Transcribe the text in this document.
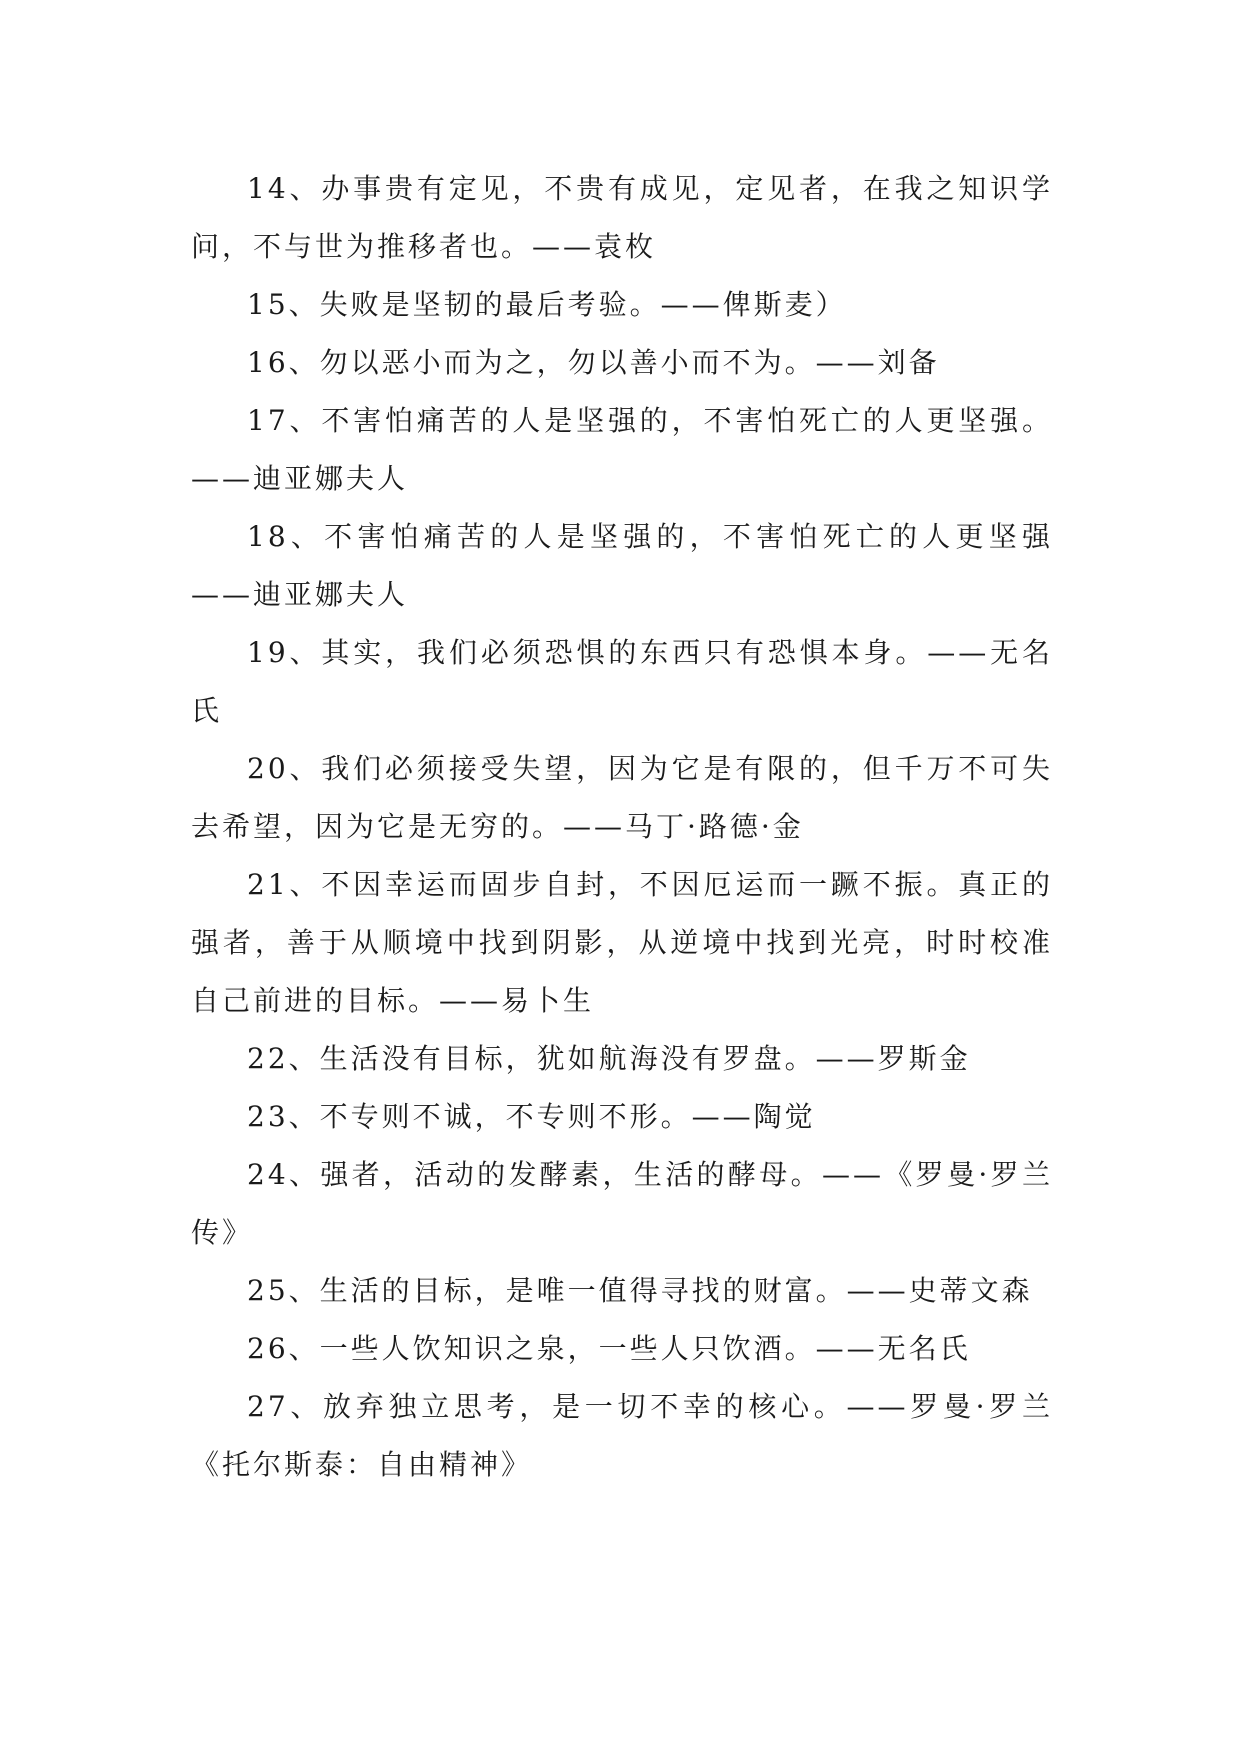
14、办事贵有定见，不贵有成见，定见者，在我之知识学问，不与世为推移者也。——袁枚

15、失败是坚韧的最后考验。——俾斯麦）

16、勿以恶小而为之，勿以善小而不为。——刘备

17、不害怕痛苦的人是坚强的，不害怕死亡的人更坚强。——迪亚娜夫人

18、不害怕痛苦的人是坚强的，不害怕死亡的人更坚强——迪亚娜夫人

19、其实，我们必须恐惧的东西只有恐惧本身。——无名氏

20、我们必须接受失望，因为它是有限的，但千万不可失去希望，因为它是无穷的。——马丁·路德·金

21、不因幸运而固步自封，不因厄运而一蹶不振。真正的强者，善于从顺境中找到阴影，从逆境中找到光亮，时时校准自己前进的目标。——易卜生

22、生活没有目标，犹如航海没有罗盘。——罗斯金

23、不专则不诚，不专则不形。——陶觉

24、强者，活动的发酵素，生活的酵母。——《罗曼·罗兰传》

25、生活的目标，是唯一值得寻找的财富。——史蒂文森

26、一些人饮知识之泉，一些人只饮酒。——无名氏

27、放弃独立思考，是一切不幸的核心。——罗曼·罗兰《托尔斯泰：自由精神》
